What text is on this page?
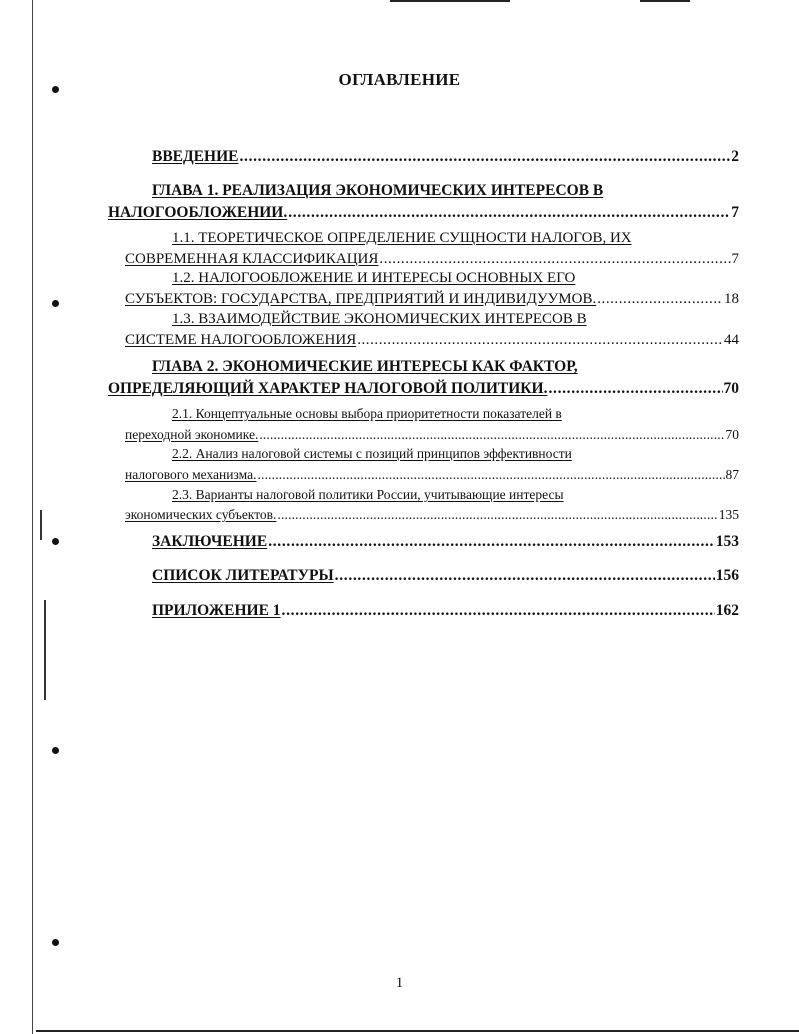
ОГЛАВЛЕНИЕ
ВВЕДЕНИЕ . . .	2
ГЛАВА 1. РЕАЛИЗАЦИЯ ЭКОНОМИЧЕСКИХ ИНТЕРЕСОВ В
НАЛОГООБЛОЖЕНИИ. . . .	7
1.1. ТЕОРЕТИЧЕСКОЕ ОПРЕДЕЛЕНИЕ СУЩНОСТИ НАЛОГОВ, ИХ
СОВРЕМЕННАЯ КЛАССИФИКАЦИЯ . . .	7
1.2. НАЛОГООБЛОЖЕНИЕ И ИНТЕРЕСЫ ОСНОВНЫХ ЕГО
СУБЪЕКТОВ: ГОСУДАРСТВА, ПРЕДПРИЯТИЙ И ИНДИВИДУУМОВ. . . .	18
1.3. ВЗАИМОДЕЙСТВИЕ ЭКОНОМИЧЕСКИХ ИНТЕРЕСОВ В
СИСТЕМЕ НАЛОГООБЛОЖЕНИЯ . . .	44
ГЛАВА 2. ЭКОНОМИЧЕСКИЕ ИНТЕРЕСЫ КАК ФАКТОР,
ОПРЕДЕЛЯЮЩИЙ ХАРАКТЕР НАЛОГОВОЙ ПОЛИТИКИ. . . .	70
2.1. Концептуальные основы выбора приоритетности показателей в
переходной экономике. . . .	70
2.2. Анализ налоговой системы с позиций принципов эффективности
налогового механизма. . . .	87
2.3. Варианты налоговой политики России, учитывающие интересы
экономических субъектов. . . .	135
ЗАКЛЮЧЕНИЕ . . .	153
СПИСОК ЛИТЕРАТУРЫ . . .	156
ПРИЛОЖЕНИЕ 1 . . .	162
1
